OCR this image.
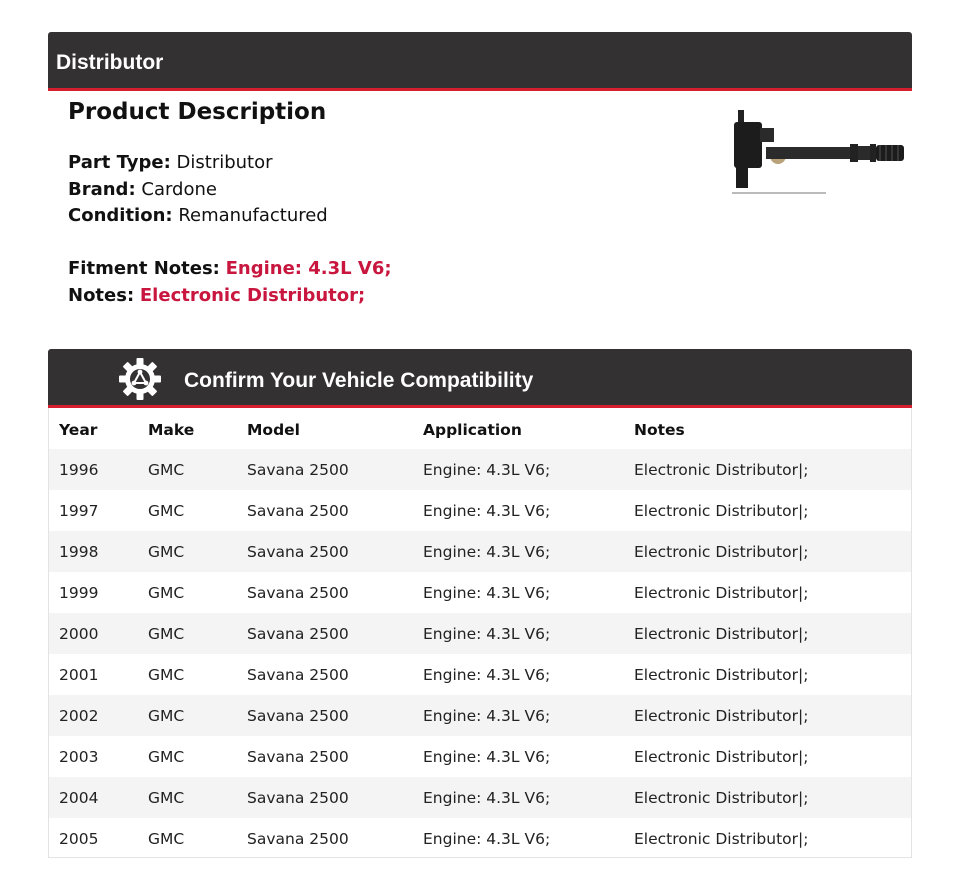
Distributor
Product Description
Part Type: Distributor
Brand: Cardone
Condition: Remanufactured
Fitment Notes: Engine: 4.3L V6;
Notes: Electronic Distributor;
Confirm Your Vehicle Compatibility
Year	Make	Model	Application	Notes
1996	GMC	Savana 2500	Engine: 4.3L V6;	Electronic Distributor|;
1997	GMC	Savana 2500	Engine: 4.3L V6;	Electronic Distributor|;
1998	GMC	Savana 2500	Engine: 4.3L V6;	Electronic Distributor|;
1999	GMC	Savana 2500	Engine: 4.3L V6;	Electronic Distributor|;
2000	GMC	Savana 2500	Engine: 4.3L V6;	Electronic Distributor|;
2001	GMC	Savana 2500	Engine: 4.3L V6;	Electronic Distributor|;
2002	GMC	Savana 2500	Engine: 4.3L V6;	Electronic Distributor|;
2003	GMC	Savana 2500	Engine: 4.3L V6;	Electronic Distributor|;
2004	GMC	Savana 2500	Engine: 4.3L V6;	Electronic Distributor|;
2005	GMC	Savana 2500	Engine: 4.3L V6;	Electronic Distributor|;
